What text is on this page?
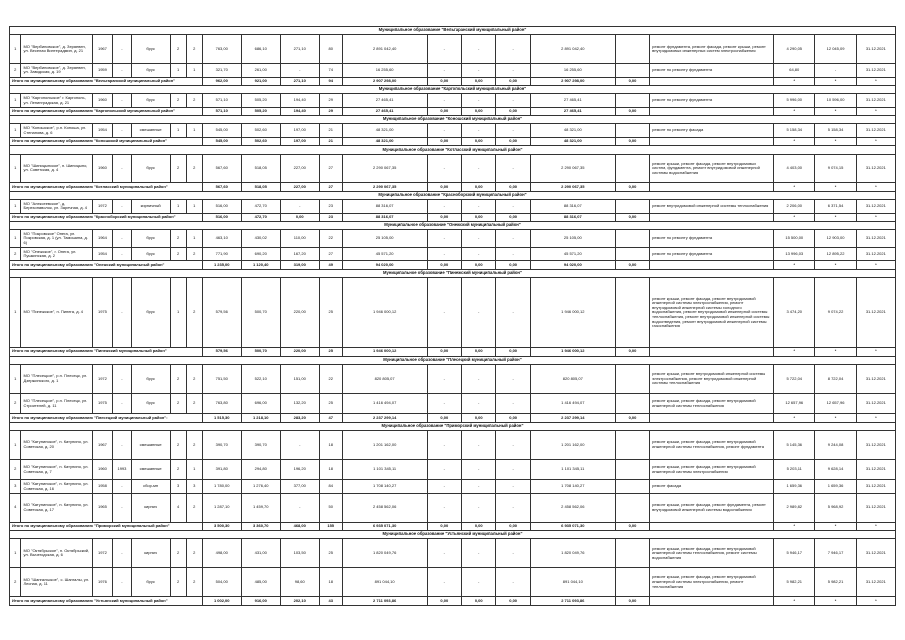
Муниципальное образование "Вельгаранский муниципальный район"																				
1	МО "Вербиновское", д. Зеряевен, ул. Веселая Винтерадмин, д. 21	1967	-	брус	2	2	763,00	686,10	271,10	80	2 891 042,40	-	-	-	2 891 042,40		ремонт фундамента, ремонт фасада, ремонт крыши, ремонт внутридомовых инженерных систем электроснабжения	4 290,05	12 045,09	31.12.2021
2	МО "Вербиновское", д. Зеряевен, ул. Заводская, д. 19	1959	-	брус	1	1	321,70	261,00	-	74	16 255,60	-	-	-	16 255,60		ремонт по ремонту фундамента	64,80	-	31.12.2021
Итого по муниципальному образованию "Вельгаранский муниципальный район"							962,00	921,00	271,10	94	2 907 298,00	0,00	0,00	0,00	2 907 298,00	0,00		*	*	*
Муниципальное образование "Каргопольский муниципальный район"																				
1	МО "Каргопольское" г. Каргополь, ул. Ленинградская, д. 21	1960	-	брус	2	2	571,10	505,20	194,40	29	27 465,41	-	-	-	27 465,41		ремонт по ремонту фундамента	5 996,00	10 596,00	31.12.2021
Итого по муниципальному образованию "Каргопольский муниципальный район"							571,10	505,20	194,40	29	27 465,41	0,00	0,00	0,00	27 465,41	0,00		*	*	*
Муниципальное образование "Коношский муниципальный район"																				
1	МО "Коношское", р.п. Коноша, ул. Степанова, д. 6	1954	-	смешанные	1	1	545,00	502,60	197,00	21	48 321,00	-	-	-	48 321,00		ремонт по ремонту фасада	5 158,34	5 158,34	31.12.2021
Итого по муниципальному образованию "Коношский муниципальный район"							545,00	502,60	197,00	21	48 321,00	0,00	0,00	0,00	48 321,00	0,00		*	*	*
Муниципальное образование "Котласский муниципальный район"																				
1	МО "Шипицынское", п. Шипицыно, ул. Советская, д. 4	1960	-	брус	2	2	567,60	518,05	227,00	27	2 290 067,35	-	-	-	2 290 067,35		ремонт крыши, ремонт фасада, ремонт внутридомовых систем, фундамента, ремонт внутридомовой инженерной системы водоснабжения	4 403,00	9 074,15	31.12.2021
Итого по муниципальному образованию "Котласский муниципальный район"							567,60	518,05	227,00	27	2 290 067,35	0,00	0,00	0,00	2 290 067,35	0,00		*	*	*
Муниципальное образование "Красноборский муниципальный район"																				
1	МО "Алексеевское", д. Березонаволок, ул. Заречная, д. 4	1972	-	кирпичный	1	1	516,00	472,70	-	23	88 316,07	-	-	-	88 316,07		ремонт внутридомовой инженерной системы теплоснабжения	2 206,00	6 371,54	31.12.2021
Итого по муниципальному образованию "Красноборский муниципальный район"							516,00	472,70	0,00	23	88 316,07	0,00	0,00	0,00	88 316,07	0,00		*	*	*
Муниципальное образование "Онежский муниципальный район"																				
1	МО "Покровское" Онега, ул. Покровская, д. 1 (ул. Тамошина, д. 6)	1964	-	брус	2	1	463,10	430,02	110,00	22	25 105,00	-	-	-	25 105,00		ремонт по ремонту фундамента	15 500,00	12 903,00	31.12.2021
2	МО "Онежское", г. Онега, ул. Пушкинская, д. 2	1954	-	брус	2	2	771,90	690,20	167,20	27	45 571,20	-	-	-	45 571,20		ремонт по ремонту фундамента	13 996,03	12 895,22	31.12.2021
Итого по муниципальному образованию "Онежский муниципальный район"							1 235,00	1 120,40	319,00	49	94 020,00	0,00	0,00	0,00	94 020,00	0,00		*	*	*
Муниципальное образование "Пинежский муниципальный район"																				
1	МО "Пинежское", п. Пинега, д. 4	1975	-	брус	1	2	579,56	500,70	220,00	25	1 946 000,12	-	-	-	1 946 000,12		ремонт крыши, ремонт фасада, ремонт внутридомовой инженерной системы электроснабжения, ремонт внутридомовой инженерной системы холодного водоснабжения, ремонт внутридомовой инженерной системы теплоснабжения, ремонт внутридомовой инженерной системы водоотведения, ремонт внутридомовой инженерной системы газоснабжения	3 474,20	9 074,22	31.12.2021
Итого по муниципальному образованию "Пинежский муниципальный район"							579,56	500,70	220,00	25	1 946 000,12	0,00	0,00	0,00	1 946 000,12	0,00		*	*	*
Муниципальное образование "Плесецкий муниципальный район"																				
1	МО "Плесецкое", р.п. Плесецк, ул. Дзержинского, д. 1	1972	-	брус	2	2	751,50	522,10	151,00	22	820 805,07	-	-	-	820 805,07		ремонт крыши, ремонт внутридомовой инженерной системы электроснабжения, ремонт внутридомовой инженерной системы теплоснабжения	5 722,04	8 722,04	31.12.2021
2	МО "Плесецкое", р.п. Плесецк, ул. Строителей, д. 11	1975	-	брус	2	2	763,80	696,00	132,20	25	1 416 494,07	-	-	-	1 416 494,07		ремонт крыши, ремонт фасада, ремонт внутридомовой инженерной системы теплоснабжения	12 657,96	12 657,96	31.12.2021
Итого по муниципальному образованию "Плесецкий муниципальный район":							1 515,30	1 218,10	283,20	47	2 237 299,14	0,00	0,00	0,00	2 237 299,14	0,00		*	*	*
Муниципальное образование "Приморский муниципальный район"																				
1	МО "Катунинское", п. Катунино, ул. Советская, д. 20	1967	-	смешанные	2	2	390,70	390,70	-	18	1 201 162,00	-	-	-	1 201 162,00		ремонт крыши, ремонт фасада, ремонт внутридомовой инженерной системы теплоснабжения, ремонт фундамента	5 145,36	9 244,08	31.12.2021
2	МО "Катунинское", п. Катунино, ул. Советская, д. 7	1960	1993	смешанные	2	1	391,80	294,80	196,20	18	1 101 345,11	-	-	-	1 101 345,11		ремонт крыши, ремонт фасада, ремонт внутридомовой инженерной системы электроснабжения	5 203,11	9 628,14	31.12.2021
3	МО "Катунинское", п. Катунино, ул. Советская, д. 16	1958	-	сбор-мн	3	3	1 780,00	1 276,40	377,00	84	1 708 140,27	-	-	-	1 708 140,27		ремонт фасада	1 659,36	1 659,36	31.12.2021
4	МО "Катунинское", п. Катунино, ул. Советская, д. 17	1965	-	кирпич	4	2	1 287,10	1 459,70	-	50	2 458 562,06	-	-	-	2 458 562,06		ремонт крыши, ремонт фасада, ремонт фундамента, ремонт внутридомовой инженерной системы водоснабжения	2 989,82	5 968,92	31.12.2021
Итого по муниципальному образованию "Приморский муниципальный район"							3 500,30	3 360,70	468,00	155	6 935 071,30	0,00	0,00	0,00	6 935 071,30	0,00		*	*	*
Муниципальное образование "Устьянский муниципальный район"																				
1	МО "Октябрьское", п. Октябрьский, ул. Вычегодская, д. 6	1972	-	кирпич	2	2	498,00	431,00	103,50	25	1 820 049,76	-	-	-	1 820 049,76		ремонт крыши, ремонт фасада, ремонт внутридомовой инженерной системы теплоснабжения, ремонт системы водоснабжения	5 946,17	7 946,17	31.12.2021
2	МО "Шангальское", с. Шангалы, ул. Лесная, д. 11	1976	-	брус	2	2	504,00	485,00	98,60	18	891 044,10	-	-	-	891 044,10		ремонт крыши, ремонт фасада, ремонт внутридомовой инженерной системы электроснабжения, ремонт теплоснабжения	5 982,21	5 982,21	31.12.2021
Итого по муниципальному образованию "Устьянский муниципальный район"							1 002,00	916,00	202,10	43	2 711 093,86	0,00	0,00	0,00	2 711 093,86	0,00		*	*	*
